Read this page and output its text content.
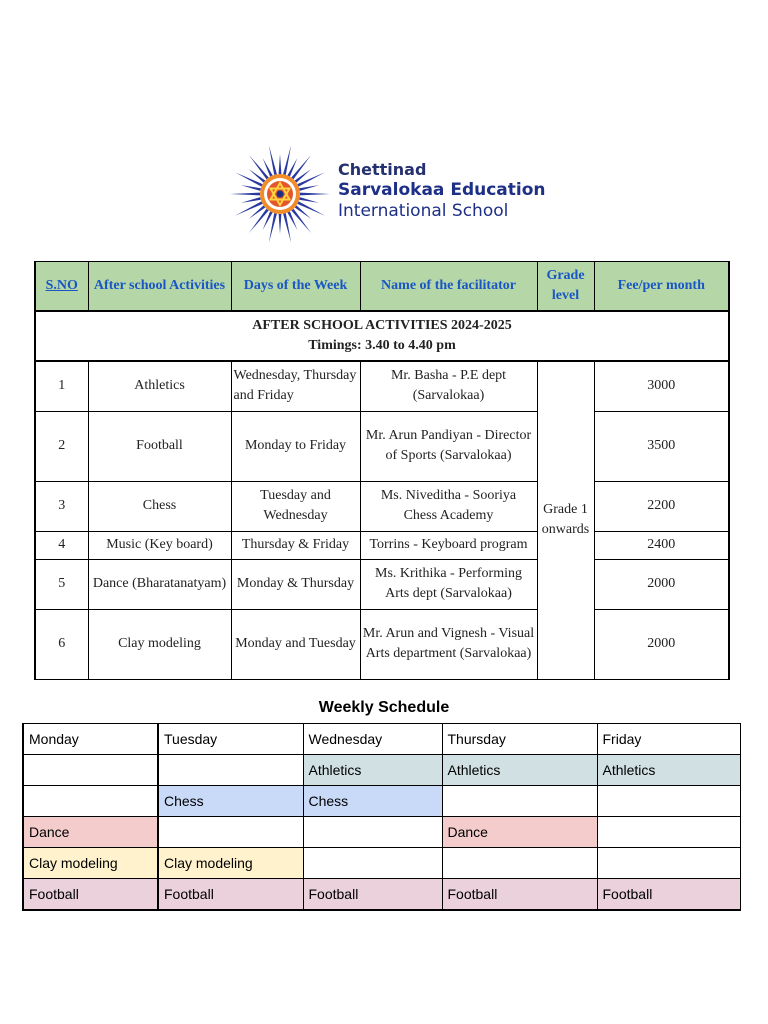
Chettinad
Sarvalokaa Education
International School
AFTER SCHOOL ACTIVITIES 2024-2025
Timings: 3.40 to 4.40 pm					

S.NO	After school Activities	Days of the Week	Name of the facilitator	Grade level	Fee/per month
1	Athletics	Wednesday, Thursday and Friday	Mr. Basha - P.E dept (Sarvalokaa)	Grade 1 onwards	3000
2	Football	Monday to Friday	Mr. Arun Pandiyan - Director of Sports (Sarvalokaa)		3500
3	Chess	Tuesday and Wednesday	Ms. Niveditha - Sooriya Chess Academy		2200
4	Music (Key board)	Thursday & Friday	Torrins - Keyboard program		2400
5	Dance (Bharatanatyam)	Monday & Thursday	Ms. Krithika - Performing Arts dept (Sarvalokaa)		2000
6	Clay modeling	Monday and Tuesday	Mr. Arun and Vignesh - Visual Arts department (Sarvalokaa)		2000
Weekly Schedule
Monday	Tuesday	Wednesday	Thursday	Friday
		Athletics	Athletics	Athletics
	Chess	Chess		
Dance			Dance	
Clay modeling	Clay modeling			
Football	Football	Football	Football	Football
